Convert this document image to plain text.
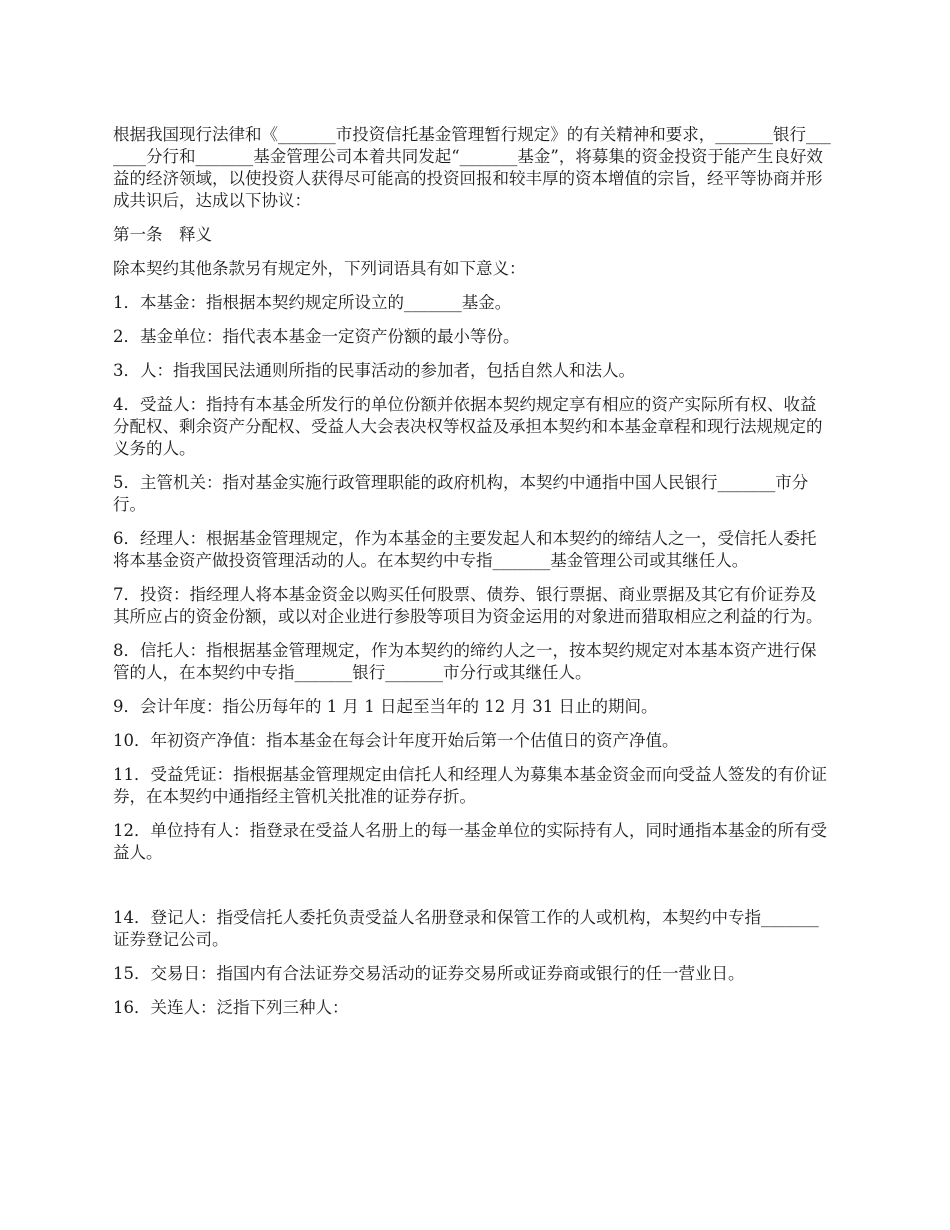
根据我国现行法律和《_______市投资信托基金管理暂行规定》的有关精神和要求，_______银行_______分行和_______基金管理公司本着共同发起“_______基金”，将募集的资金投资于能产生良好效益的经济领域，以使投资人获得尽可能高的投资回报和较丰厚的资本增值的宗旨，经平等协商并形成共识后，达成以下协议：

第一条　释义

除本契约其他条款另有规定外，下列词语具有如下意义：

1．本基金：指根据本契约规定所设立的_______基金。

2．基金单位：指代表本基金一定资产份额的最小等份。

3．人：指我国民法通则所指的民事活动的参加者，包括自然人和法人。

4．受益人：指持有本基金所发行的单位份额并依据本契约规定享有相应的资产实际所有权、收益分配权、剩余资产分配权、受益人大会表决权等权益及承担本契约和本基金章程和现行法规规定的义务的人。

5．主管机关：指对基金实施行政管理职能的政府机构，本契约中通指中国人民银行_______市分行。

6．经理人：根据基金管理规定，作为本基金的主要发起人和本契约的缔结人之一，受信托人委托将本基金资产做投资管理活动的人。在本契约中专指_______基金管理公司或其继任人。

7．投资：指经理人将本基金资金以购买任何股票、债券、银行票据、商业票据及其它有价证券及其所应占的资金份额，或以对企业进行参股等项目为资金运用的对象进而猎取相应之利益的行为。

8．信托人：指根据基金管理规定，作为本契约的缔约人之一，按本契约规定对本基本资产进行保管的人，在本契约中专指_______银行_______市分行或其继任人。

9．会计年度：指公历每年的 1 月 1 日起至当年的 12 月 31 日止的期间。

10．年初资产净值：指本基金在每会计年度开始后第一个估值日的资产净值。

11．受益凭证：指根据基金管理规定由信托人和经理人为募集本基金资金而向受益人签发的有价证券，在本契约中通指经主管机关批准的证券存折。

12．单位持有人：指登录在受益人名册上的每一基金单位的实际持有人，同时通指本基金的所有受益人。

14．登记人：指受信托人委托负责受益人名册登录和保管工作的人或机构，本契约中专指_______证券登记公司。

15．交易日：指国内有合法证券交易活动的证券交易所或证券商或银行的任一营业日。

16．关连人：泛指下列三种人：
